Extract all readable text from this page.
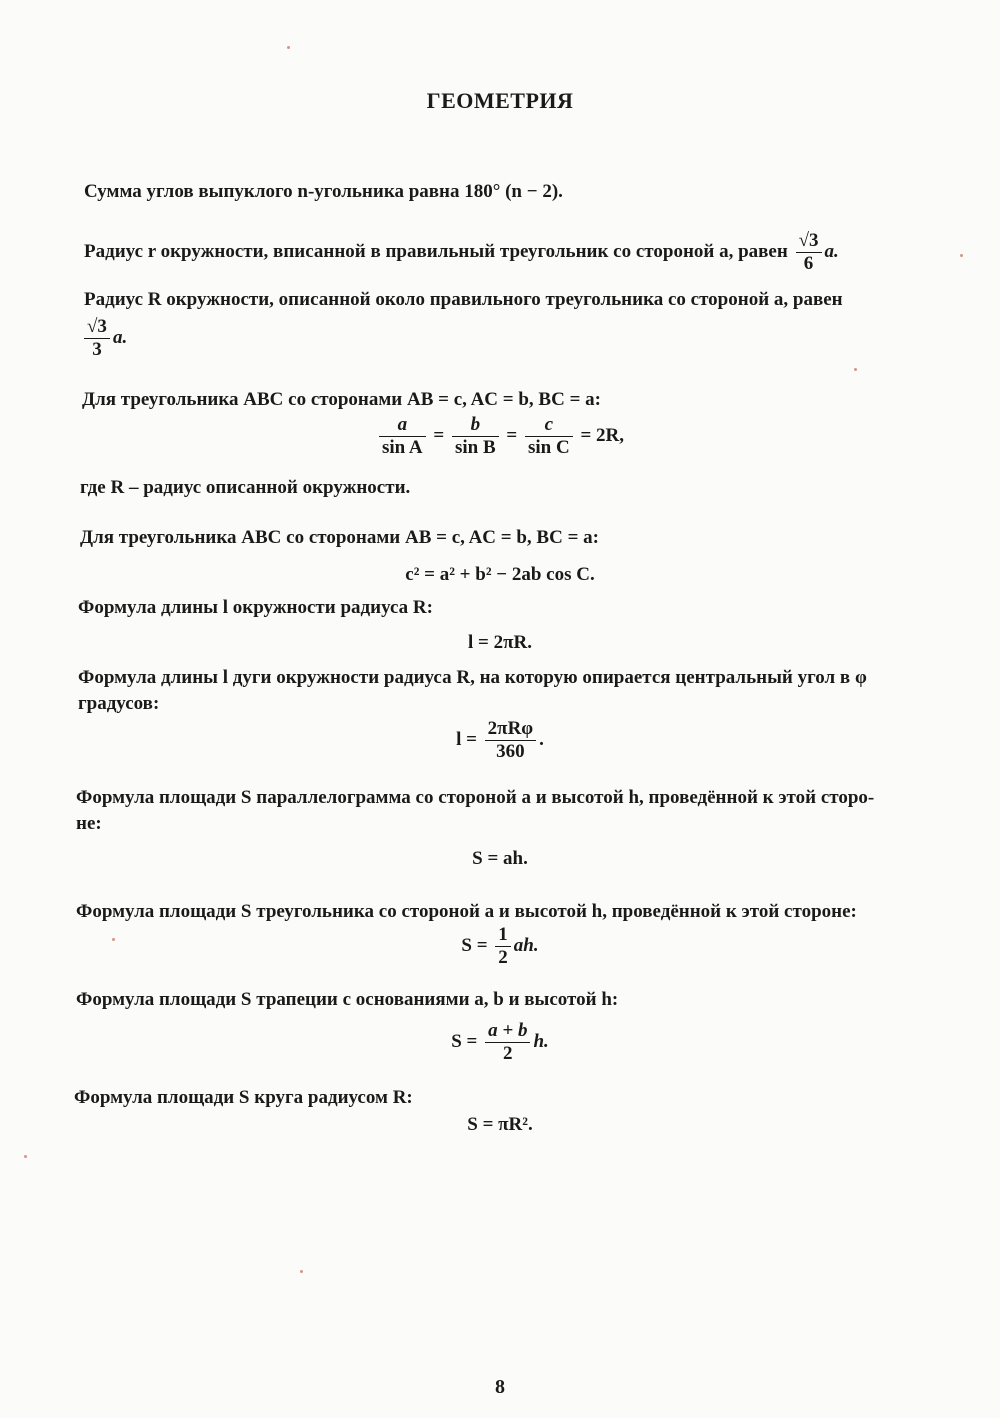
ГЕОМЕТРИЯ
Сумма углов выпуклого n-угольника равна 180° (n − 2).
Радиус r окружности, вписанной в правильный треугольник со стороной a, равен $\frac{√3}{6} a$.
Радиус R окружности, описанной около правильного треугольника со стороной a, равен
$\frac{√3}{3} a$.
Для треугольника ABC со сторонами AB = c, AC = b, BC = a:
$\frac{a}{\text{sin A}} = \frac{b}{\text{sin B}} = \frac{c}{\text{sin C}} = 2R$,
где R – радиус описанной окружности.
Для треугольника ABC со сторонами AB = c, AC = b, BC = a:
c² = a² + b² − 2ab cos C.
Формула длины l окружности радиуса R:
l = 2πR.
Формула длины l дуги окружности радиуса R, на которую опирается центральный угол в φ
градусов:
$l = \frac{\text{2πRφ}}{360}$ .
Формула площади S параллелограмма со стороной a и высотой h, проведённой к этой сторо-
не:
S = ah.
Формула площади S треугольника со стороной a и высотой h, проведённой к этой стороне:
$S = \frac{1}{2}$ ah.
Формула площади S трапеции с основаниями a, b и высотой h:
$S = \frac{a + b}{2} h$.
Формула площади S круга радиусом R:
S = πR².
8
